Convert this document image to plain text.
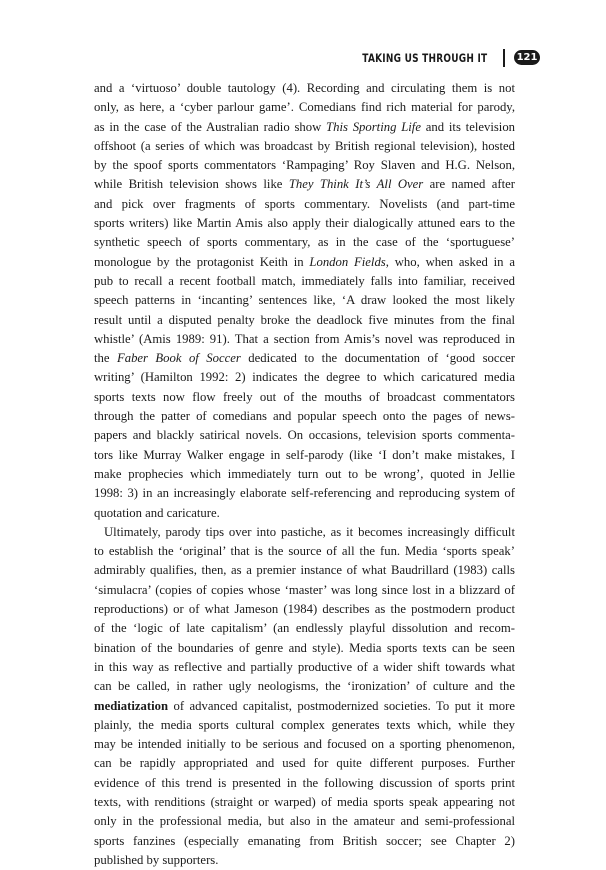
TAKING US THROUGH IT	121
and a ‘virtuoso’ double tautology (4). Recording and circulating them is not
only, as here, a ‘cyber parlour game’. Comedians find rich material for parody,
as in the case of the Australian radio show This Sporting Life and its television
offshoot (a series of which was broadcast by British regional television), hosted
by the spoof sports commentators ‘Rampaging’ Roy Slaven and H.G. Nelson,
while British television shows like They Think It’s All Over are named after
and pick over fragments of sports commentary. Novelists (and part-time
sports writers) like Martin Amis also apply their dialogically attuned ears to the
synthetic speech of sports commentary, as in the case of the ‘sportuguese’
monologue by the protagonist Keith in London Fields, who, when asked in a
pub to recall a recent football match, immediately falls into familiar, received
speech patterns in ‘incanting’ sentences like, ‘A draw looked the most likely
result until a disputed penalty broke the deadlock five minutes from the final
whistle’ (Amis 1989: 91). That a section from Amis’s novel was reproduced in
the Faber Book of Soccer dedicated to the documentation of ‘good soccer
writing’ (Hamilton 1992: 2) indicates the degree to which caricatured media
sports texts now flow freely out of the mouths of broadcast commentators
through the patter of comedians and popular speech onto the pages of news-
papers and blackly satirical novels. On occasions, television sports commenta-
tors like Murray Walker engage in self-parody (like ‘I don’t make mistakes, I
make prophecies which immediately turn out to be wrong’, quoted in Jellie
1998: 3) in an increasingly elaborate self-referencing and reproducing system of
quotation and caricature.
Ultimately, parody tips over into pastiche, as it becomes increasingly difficult
to establish the ‘original’ that is the source of all the fun. Media ‘sports speak’
admirably qualifies, then, as a premier instance of what Baudrillard (1983) calls
‘simulacra’ (copies of copies whose ‘master’ was long since lost in a blizzard of
reproductions) or of what Jameson (1984) describes as the postmodern product
of the ‘logic of late capitalism’ (an endlessly playful dissolution and recom-
bination of the boundaries of genre and style). Media sports texts can be seen
in this way as reflective and partially productive of a wider shift towards what
can be called, in rather ugly neologisms, the ‘ironization’ of culture and the
mediatization of advanced capitalist, postmodernized societies. To put it more
plainly, the media sports cultural complex generates texts which, while they
may be intended initially to be serious and focused on a sporting phenomenon,
can be rapidly appropriated and used for quite different purposes. Further
evidence of this trend is presented in the following discussion of sports print
texts, with renditions (straight or warped) of media sports speak appearing not
only in the professional media, but also in the amateur and semi-professional
sports fanzines (especially emanating from British soccer; see Chapter 2)
published by supporters.
